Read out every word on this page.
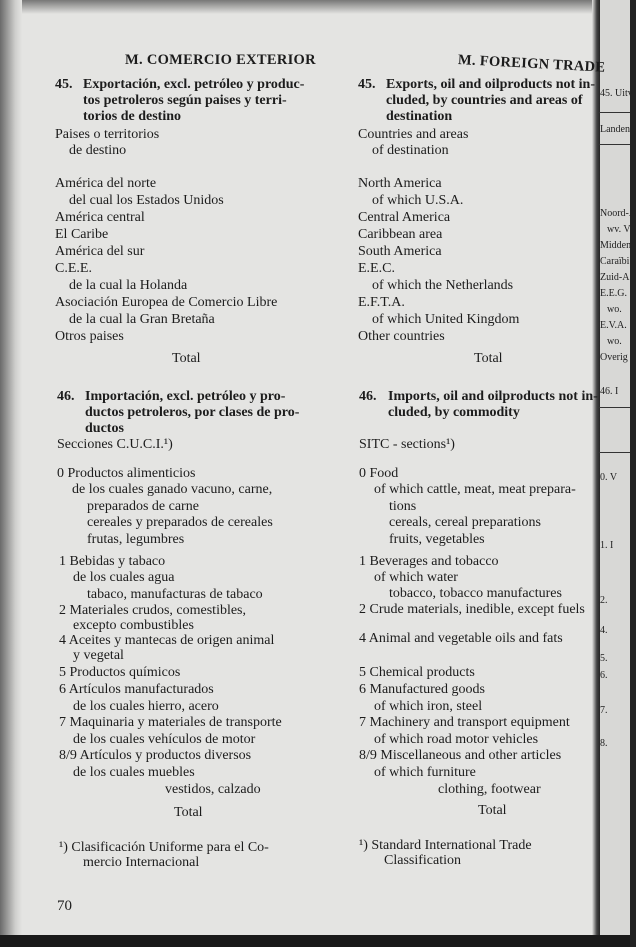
M. COMERCIO EXTERIOR	M. FOREIGN TRADE
45. Exportación, excl. petróleo y produc-
tos petroleros según paises y terri-
torios de destino
Paises o territorios
de destino
América del norte
del cual los Estados Unidos
América central
El Caribe
América del sur
C.E.E.
de la cual la Holanda
Asociación Europea de Comercio Libre
de la cual la Gran Bretaña
Otros paises
Total
45. Exports, oil and oilproducts not in-
cluded, by countries and areas of
destination
Countries and areas
of destination
North America
of which U.S.A.
Central America
Caribbean area
South America
E.E.C.
of which the Netherlands
E.F.T.A.
of which United Kingdom
Other countries
Total
46. Importación, excl. petróleo y pro-
ductos petroleros, por clases de pro-
ductos
Secciones C.U.C.I.¹)
0 Productos alimenticios
de los cuales ganado vacuno, carne,
preparados de carne
cereales y preparados de cereales
frutas, legumbres
1 Bebidas y tabaco
de los cuales agua
tabaco, manufacturas de tabaco
2 Materiales crudos, comestibles,
excepto combustibles
4 Aceites y mantecas de origen animal
y vegetal
5 Productos químicos
6 Artículos manufacturados
de los cuales hierro, acero
7 Maquinaria y materiales de transporte
de los cuales vehículos de motor
8/9 Artículos y productos diversos
de los cuales muebles
vestidos, calzado
Total
¹) Clasificación Uniforme para el Co-
mercio Internacional
46. Imports, oil and oilproducts not in-
cluded, by commodity
SITC - sections¹)
0 Food
of which cattle, meat, meat prepara-
tions
cereals, cereal preparations
fruits, vegetables
1 Beverages and tobacco
of which water
tobacco, tobacco manufactures
2 Crude materials, inedible, except fuels
4 Animal and vegetable oils and fats
5 Chemical products
6 Manufactured goods
of which iron, steel
7 Machinery and transport equipment
of which road motor vehicles
8/9 Miscellaneous and other articles
of which furniture
clothing, footwear
Total
¹) Standard International Trade
Classification
70
45. Uitv
Landen
Noord-A
wv. V
Midden
Caraïbi
Zuid-A
E.E.G.
wo.
E.V.A.
wo.
Overig
46. I
0. V
1. I
2.
4.
5.
6.
7.
8.
